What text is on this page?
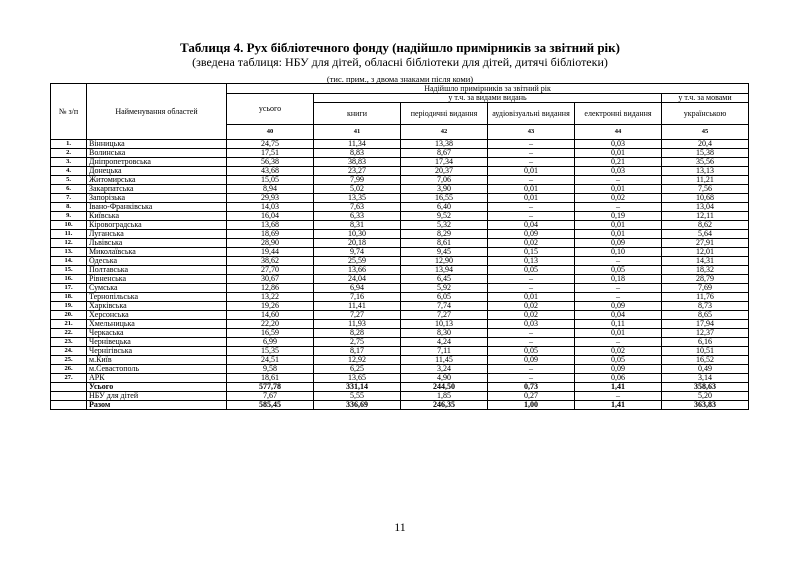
Таблиця 4. Рух бібліотечного фонду (надійшло примірників за звітний рік)
(зведена таблиця: НБУ для дітей, обласні бібліотеки для дітей, дитячі бібліотеки)
(тис. прим., з двома знаками після коми)
№ з/п	Найменування областей	Надійшло примірників за звітний рік					
		усього	у т.ч. за видами видань				у т.ч. за мовами
			книги	періодичні видання	аудіовізуальні видання	електронні видання	українською
		40	41	42	43	44	45
1.	Вінницька	24,75	11,34	13,38	–	0,03	20,4
2.	Волинська	17,51	8,83	8,67	–	0,01	15,38
3.	Дніпропетровська	56,38	38,83	17,34	–	0,21	35,56
4.	Донецька	43,68	23,27	20,37	0,01	0,03	13,13
5.	Житомирська	15,05	7,99	7,06	–	–	11,21
6.	Закарпатська	8,94	5,02	3,90	0,01	0,01	7,56
7.	Запорізька	29,93	13,35	16,55	0,01	0,02	10,68
8.	Івано-Франківська	14,03	7,63	6,40	–	–	13,04
9.	Київська	16,04	6,33	9,52	–	0,19	12,11
10.	Кіровоградська	13,68	8,31	5,32	0,04	0,01	8,62
11.	Луганська	18,69	10,30	8,29	0,09	0,01	5,64
12.	Львівська	28,90	20,18	8,61	0,02	0,09	27,91
13.	Миколаївська	19,44	9,74	9,45	0,15	0,10	12,01
14.	Одеська	38,62	25,59	12,90	0,13	–	14,31
15.	Полтавська	27,70	13,66	13,94	0,05	0,05	18,32
16.	Рівненська	30,67	24,04	6,45	–	0,18	28,79
17.	Сумська	12,86	6,94	5,92	–	–	7,69
18.	Тернопільська	13,22	7,16	6,05	0,01	–	11,76
19.	Харківська	19,26	11,41	7,74	0,02	0,09	8,73
20.	Херсонська	14,60	7,27	7,27	0,02	0,04	8,65
21.	Хмельницька	22,20	11,93	10,13	0,03	0,11	17,94
22.	Черкаська	16,59	8,28	8,30	–	0,01	12,37
23.	Чернівецька	6,99	2,75	4,24	–	–	6,16
24.	Чернігівська	15,35	8,17	7,11	0,05	0,02	10,51
25.	м.Київ	24,51	12,92	11,45	0,09	0,05	16,52
26.	м.Севастополь	9,58	6,25	3,24	–	0,09	0,49
27.	АРК	18,61	13,65	4,90	–	0,06	3,14
	Усього	577,78	331,14	244,50	0,73	1,41	358,63
	НБУ для дітей	7,67	5,55	1,85	0,27	–	5,20
	Разом	585,45	336,69	246,35	1,00	1,41	363,83
11
